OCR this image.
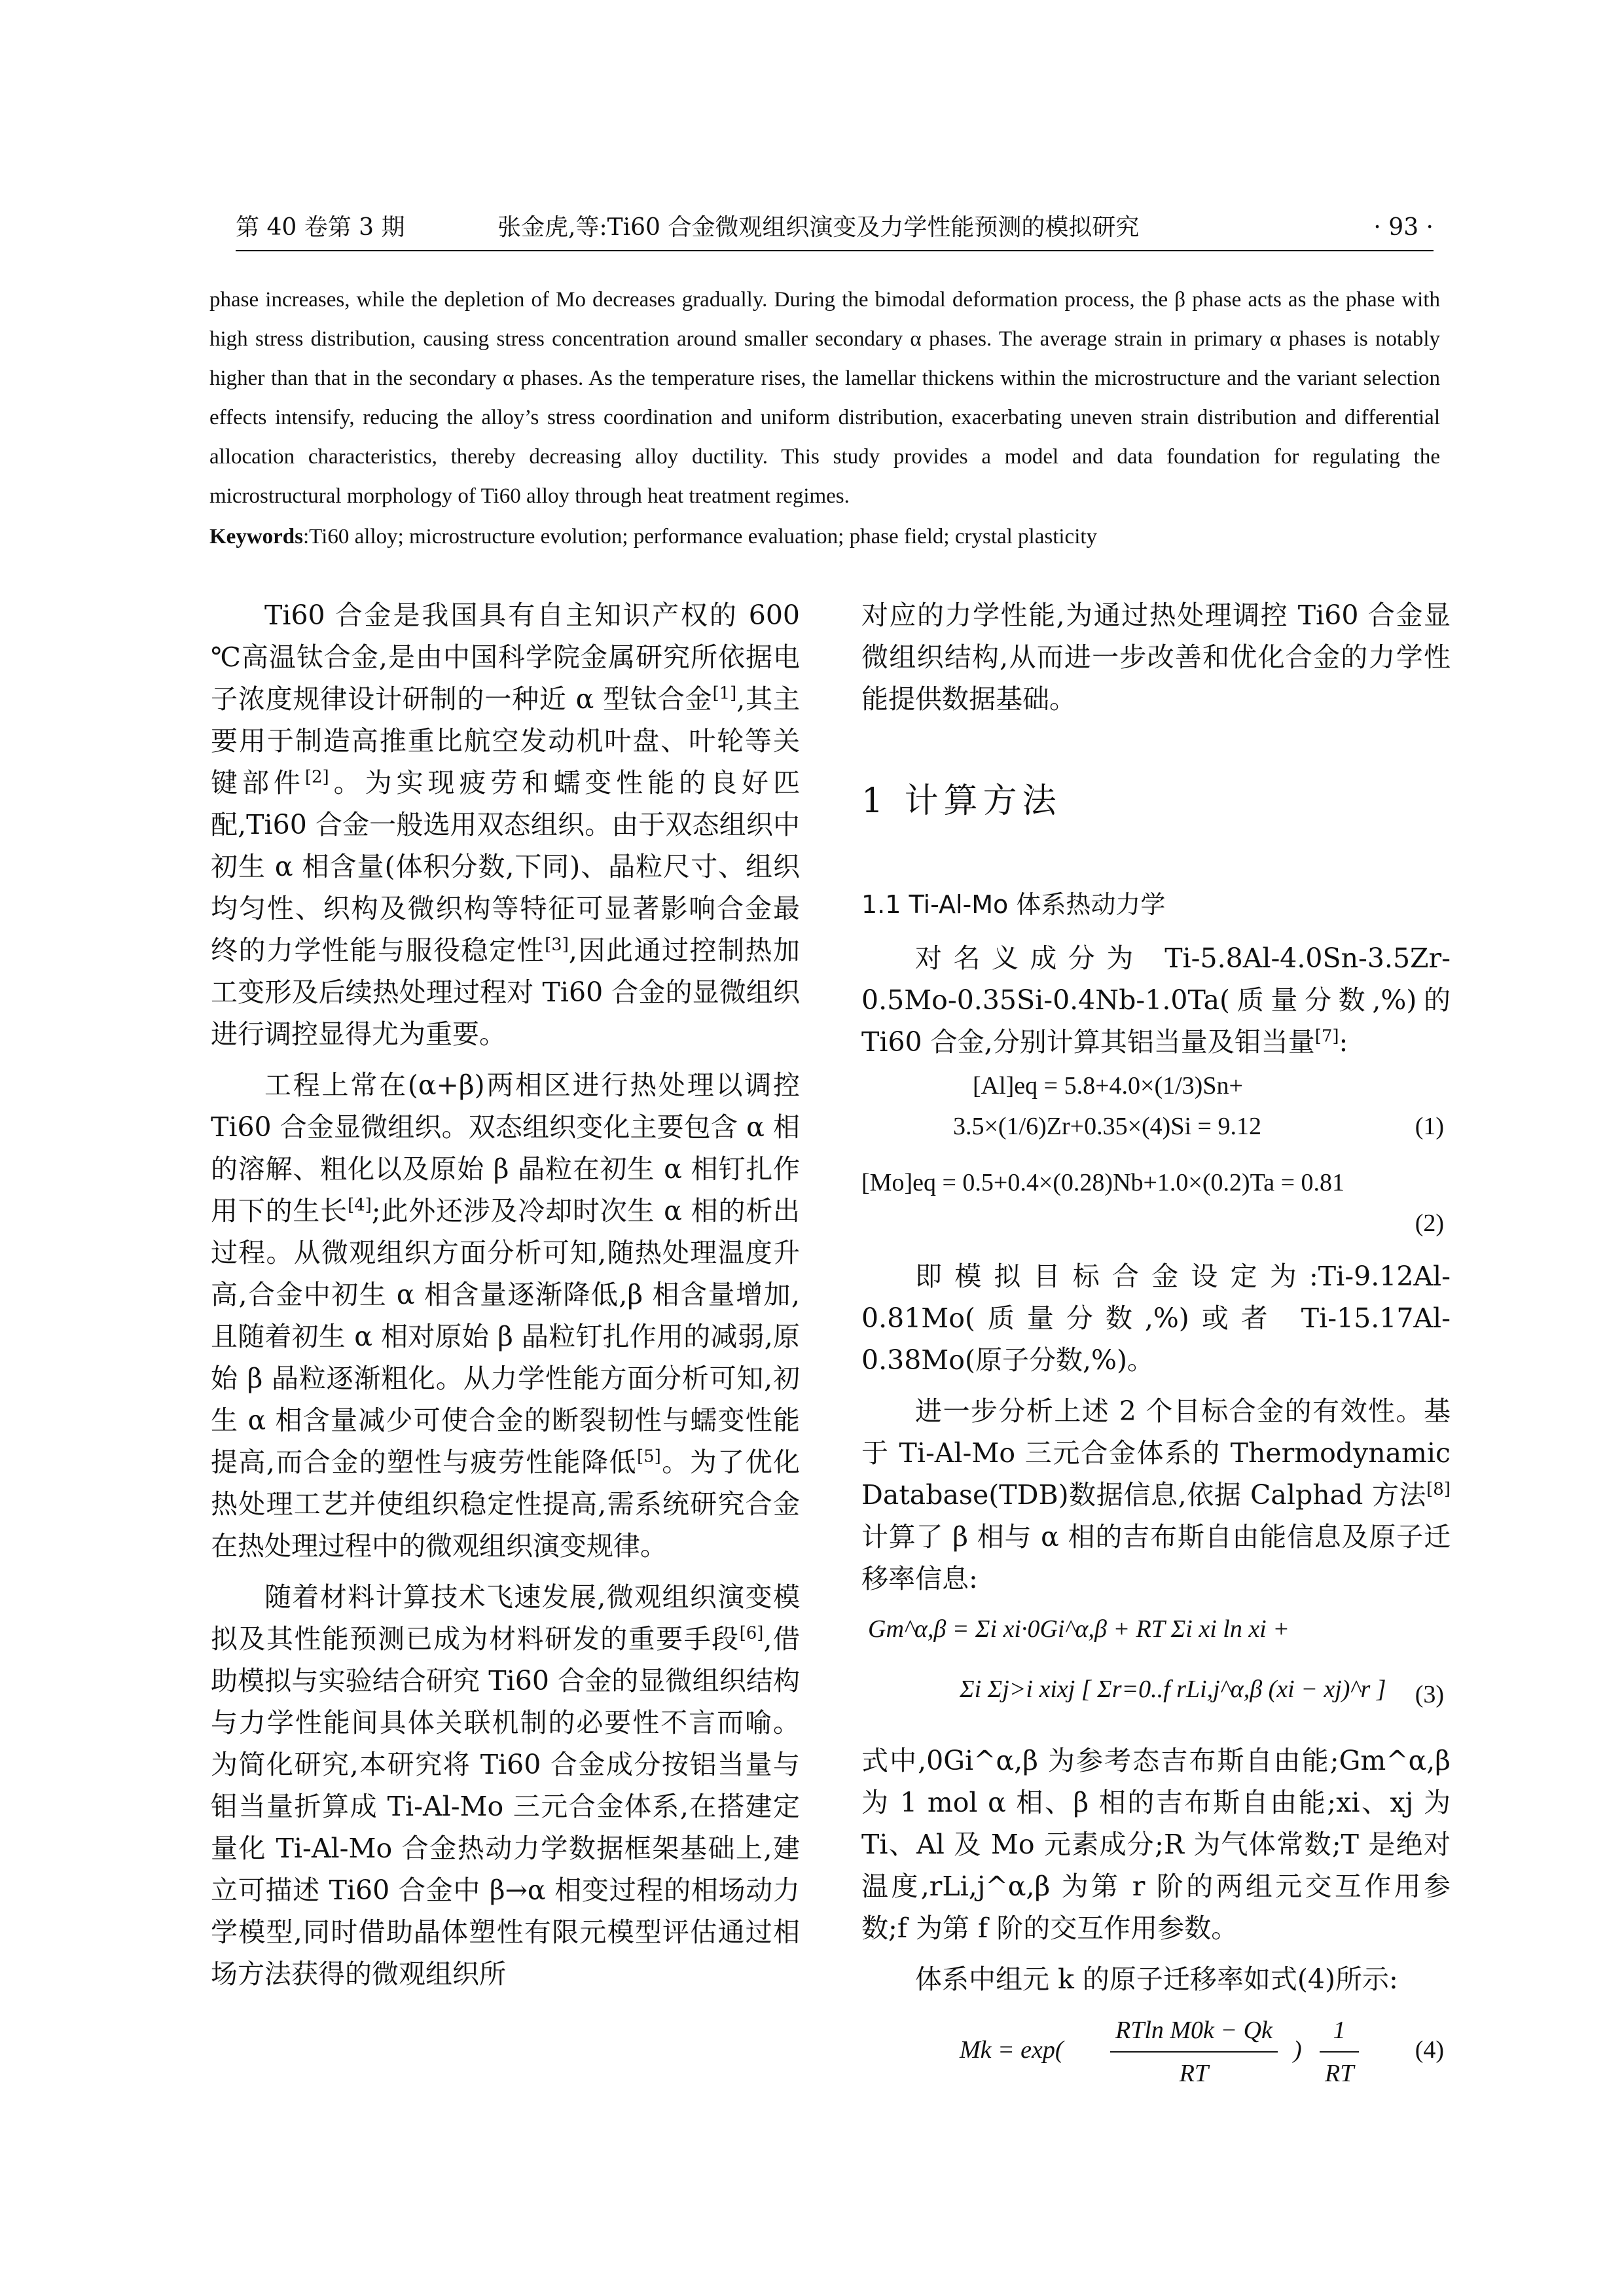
第 40 卷第 3 期	张金虎,等:Ti60 合金微观组织演变及力学性能预测的模拟研究	· 93 ·
phase increases, while the depletion of Mo decreases gradually. During the bimodal deformation process, the β phase acts as the phase with high stress distribution, causing stress concentration around smaller secondary α phases. The average strain in primary α phases is notably higher than that in the secondary α phases. As the temperature rises, the lamellar thickens within the microstructure and the variant selection effects intensify, reducing the alloy’s stress coordination and uniform distribution, exacerbating uneven strain distribution and differential allocation characteristics, thereby decreasing alloy ductility. This study provides a model and data foundation for regulating the microstructural morphology of Ti60 alloy through heat treatment regimes.
Keywords:Ti60 alloy; microstructure evolution; performance evaluation; phase field; crystal plasticity

Ti60 合金是我国具有自主知识产权的 600 ℃高温钛合金,是由中国科学院金属研究所依据电子浓度规律设计研制的一种近 α 型钛合金[1],其主要用于制造高推重比航空发动机叶盘、叶轮等关键部件[2]。为实现疲劳和蠕变性能的良好匹配,Ti60 合金一般选用双态组织。由于双态组织中初生 α 相含量(体积分数,下同)、晶粒尺寸、组织均匀性、织构及微织构等特征可显著影响合金最终的力学性能与服役稳定性[3],因此通过控制热加工变形及后续热处理过程对 Ti60 合金的显微组织进行调控显得尤为重要。

工程上常在(α+β)两相区进行热处理以调控 Ti60 合金显微组织。双态组织变化主要包含 α 相的溶解、粗化以及原始 β 晶粒在初生 α 相钉扎作用下的生长[4];此外还涉及冷却时次生 α 相的析出过程。从微观组织方面分析可知,随热处理温度升高,合金中初生 α 相含量逐渐降低,β 相含量增加,且随着初生 α 相对原始 β 晶粒钉扎作用的减弱,原始 β 晶粒逐渐粗化。从力学性能方面分析可知,初生 α 相含量减少可使合金的断裂韧性与蠕变性能提高,而合金的塑性与疲劳性能降低[5]。为了优化热处理工艺并使组织稳定性提高,需系统研究合金在热处理过程中的微观组织演变规律。

随着材料计算技术飞速发展,微观组织演变模拟及其性能预测已成为材料研发的重要手段[6],借助模拟与实验结合研究 Ti60 合金的显微组织结构与力学性能间具体关联机制的必要性不言而喻。为简化研究,本研究将 Ti60 合金成分按铝当量与钼当量折算成 Ti-Al-Mo 三元合金体系,在搭建定量化 Ti-Al-Mo 合金热动力学数据框架基础上,建立可描述 Ti60 合金中 β→α 相变过程的相场动力学模型,同时借助晶体塑性有限元模型评估通过相场方法获得的微观组织所

对应的力学性能,为通过热处理调控 Ti60 合金显微组织结构,从而进一步改善和优化合金的力学性能提供数据基础。

1 计算方法

1.1 Ti-Al-Mo 体系热动力学

对名义成分为 Ti-5.8Al-4.0Sn-3.5Zr-0.5Mo-0.35Si-0.4Nb-1.0Ta(质量分数,%)的 Ti60 合金,分别计算其铝当量及钼当量[7]:

[Al]eq = 5.8+4.0×(1/3)Sn+
3.5×(1/6)Zr+0.35×(4)Si = 9.12	(1)
[Mo]eq = 0.5+0.4×(0.28)Nb+1.0×(0.2)Ta = 0.81
(2)

即模拟目标合金设定为:Ti-9.12Al-0.81Mo(质量分数,%)或者 Ti-15.17Al-0.38Mo(原子分数,%)。

进一步分析上述 2 个目标合金的有效性。基于 Ti-Al-Mo 三元合金体系的 Thermodynamic Database(TDB)数据信息,依据 Calphad 方法[8]计算了 β 相与 α 相的吉布斯自由能信息及原子迁移率信息:

Gm^α,β = Σi xi·0Gi^α,β + RT Σi xi ln xi +
Σi Σj>i xixj [ Σr=0..f rLi,j^α,β (xi − xj)^r ]	(3)

式中,0Gi^α,β 为参考态吉布斯自由能;Gm^α,β 为 1 mol α 相、β 相的吉布斯自由能;xi、xj 为 Ti、Al 及 Mo 元素成分;R 为气体常数;T 是绝对温度,rLi,j^α,β 为第 r 阶的两组元交互作用参数;f 为第 f 阶的交互作用参数。

体系中组元 k 的原子迁移率如式(4)所示:

$Mk = \exp( \frac{\text{RTln M0k − Qk}}{RT}$ ) $\frac{1}{RT} (4)$
